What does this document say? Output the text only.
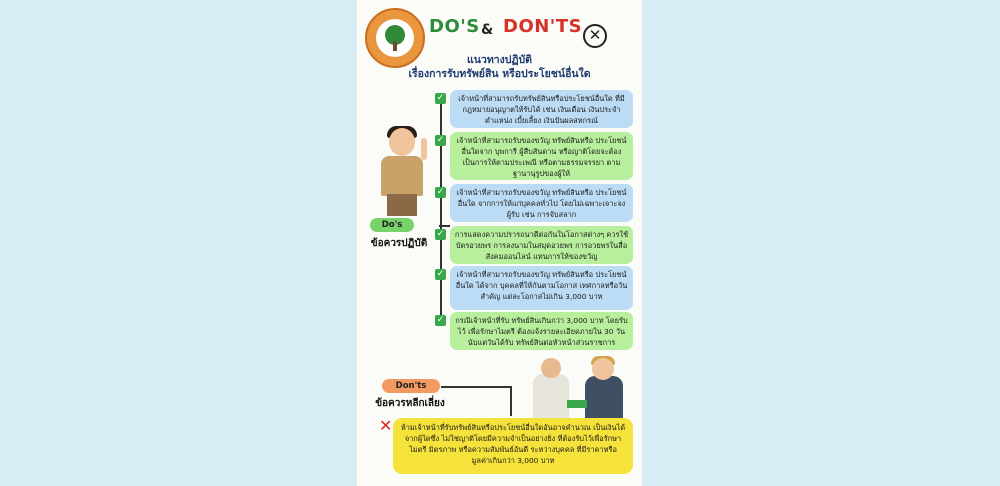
DO'S & DON'TS ✕
แนวทางปฏิบัติ
เรื่องการรับทรัพย์สิน หรือประโยชน์อื่นใด
Do's
ข้อควรปฏิบัติ
✓	เจ้าหน้าที่สามารถรับทรัพย์สินหรือประโยชน์อื่นใด ที่มีกฎหมายอนุญาตให้รับได้ เช่น เงินเดือน เงินประจำตำแหน่ง เบี้ยเลี้ยง เงินปันผลสหกรณ์
✓	เจ้าหน้าที่สามารถรับของขวัญ ทรัพย์สินหรือ ประโยชน์อื่นใดจาก บุพการี ผู้สืบสันดาน หรือญาติโดยจะต้อง เป็นการให้ตามประเพณี หรือตามธรรมจรรยา ตามฐานานุรูปของผู้ให้
✓	เจ้าหน้าที่สามารถรับของขวัญ ทรัพย์สินหรือ ประโยชน์อื่นใด จากการให้แก่บุคคลทั่วไป โดยไม่เฉพาะเจาะจง ผู้รับ เช่น การจับสลาก
✓	การแสดงความปรารถนาดีต่อกันในโอกาสต่างๆ ควรใช้บัตรอวยพร การลงนามในสมุดอวยพร การอวยพรในสื่อสังคมออนไลน์ แทนการให้ของขวัญ
✓	เจ้าหน้าที่สามารถรับของขวัญ ทรัพย์สินหรือ ประโยชน์อื่นใด ได้จาก บุคคลที่ให้กันตามโอกาส เทศกาลหรือวันสำคัญ แต่ละโอกาสไม่เกิน 3,000 บาท
✓	กรณีเจ้าหน้าที่รับ ทรัพย์สินเกินกว่า 3,000 บาท โดยรับไว้ เพื่อรักษาไมตรี ต้องแจ้งรายละเอียดภายใน 30 วันนับแต่วันได้รับ ทรัพย์สินต่อหัวหน้าส่วนราชการ
Don'ts
ข้อควรหลีกเลี่ยง
✕	ห้ามเจ้าหน้าที่รับทรัพย์สินหรือประโยชน์อื่นใดอันอาจคำนวณ เป็นเงินได้จากผู้ใดซึ่ง ไม่ใช่ญาติโดยมีความจำเป็นอย่างยิ่ง ที่ต้องรับไว้เพื่อรักษาไมตรี มิตรภาพ หรือความสัมพันธ์อันดี ระหว่างบุคคล ที่มีราคาหรือ มูลค่าเกินกว่า 3,000 บาท
